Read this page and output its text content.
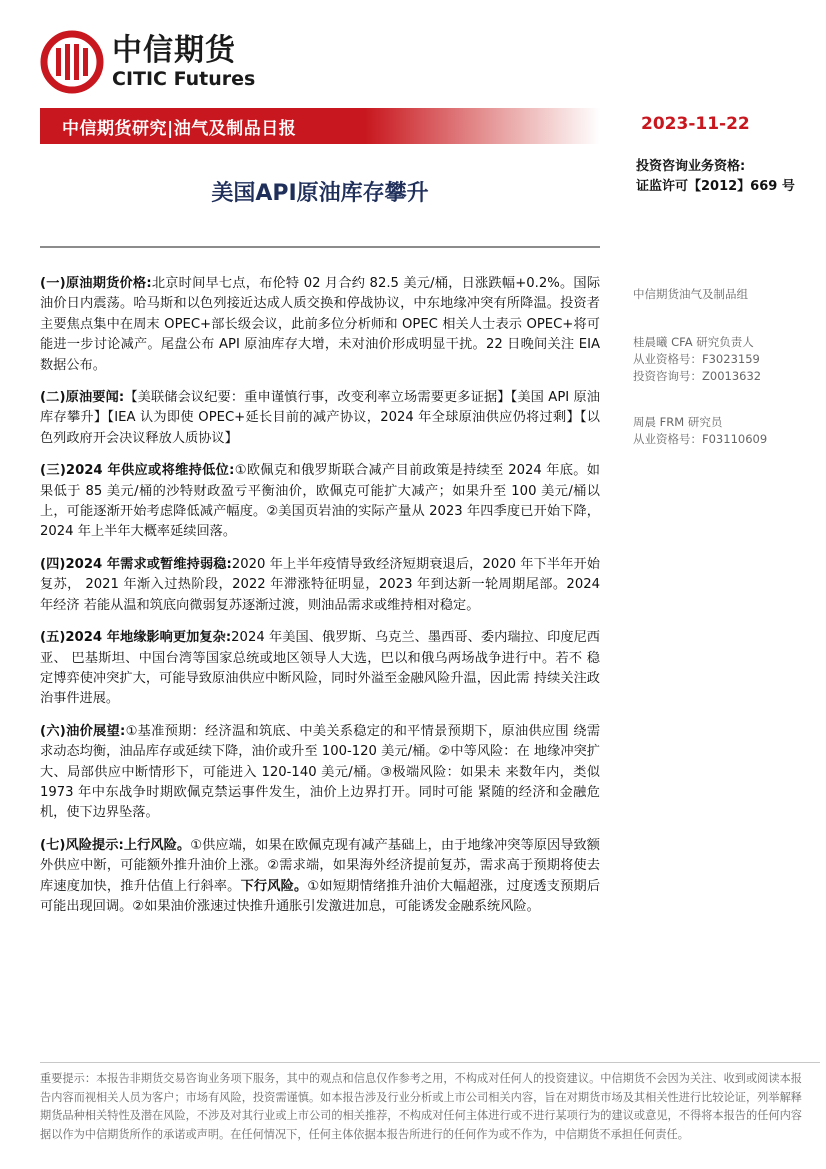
中信期货
CITIC Futures
中信期货研究|油气及制品日报	2023-11-22
投资咨询业务资格:
证监许可【2012】669 号
美国API原油库存攀升

(一)原油期货价格:北京时间早七点，布伦特 02 月合约 82.5 美元/桶，日涨跌幅+0.2%。国际油价日内震荡。哈马斯和以色列接近达成人质交换和停战协议，中东地缘冲突有所降温。投资者主要焦点集中在周末 OPEC+部长级会议，此前多位分析师和 OPEC 相关人士表示 OPEC+将可能进一步讨论减产。尾盘公布 API 原油库存大增，未对油价形成明显干扰。22 日晚间关注 EIA 数据公布。

(二)原油要闻:【美联储会议纪要：重申谨慎行事，改变利率立场需要更多证据】【美国 API 原油库存攀升】【IEA 认为即使 OPEC+延长目前的减产协议，2024 年全球原油供应仍将过剩】【以色列政府开会决议释放人质协议】

(三)2024 年供应或将维持低位:①欧佩克和俄罗斯联合减产目前政策是持续至 2024 年底。如果低于 85 美元/桶的沙特财政盈亏平衡油价，欧佩克可能扩大减产；如果升至 100 美元/桶以上，可能逐渐开始考虑降低减产幅度。②美国页岩油的实际产量从 2023 年四季度已开始下降，2024 年上半年大概率延续回落。

(四)2024 年需求或暂维持弱稳:2020 年上半年疫情导致经济短期衰退后，2020 年下半年开始复苏， 2021 年渐入过热阶段，2022 年滞涨特征明显，2023 年到达新一轮周期尾部。2024 年经济 若能从温和筑底向微弱复苏逐渐过渡，则油品需求或维持相对稳定。

(五)2024 年地缘影响更加复杂:2024 年美国、俄罗斯、乌克兰、墨西哥、委内瑞拉、印度尼西亚、 巴基斯坦、中国台湾等国家总统或地区领导人大选，巴以和俄乌两场战争进行中。若不 稳定博弈使冲突扩大，可能导致原油供应中断风险，同时外溢至金融风险升温，因此需 持续关注政治事件进展。

(六)油价展望:①基准预期：经济温和筑底、中美关系稳定的和平情景预期下，原油供应围 绕需求动态均衡，油品库存或延续下降，油价或升至 100-120 美元/桶。②中等风险：在 地缘冲突扩大、局部供应中断情形下，可能进入 120-140 美元/桶。③极端风险：如果未 来数年内，类似 1973 年中东战争时期欧佩克禁运事件发生，油价上边界打开。同时可能 紧随的经济和金融危机，使下边界坠落。

(七)风险提示:上行风险。①供应端，如果在欧佩克现有减产基础上，由于地缘冲突等原因导致额外供应中断，可能额外推升油价上涨。②需求端，如果海外经济提前复苏，需求高于预期将使去库速度加快，推升估值上行斜率。下行风险。①如短期情绪推升油价大幅超涨，过度透支预期后可能出现回调。②如果油价涨速过快推升通胀引发激进加息，可能诱发金融系统风险。

中信期货油气及制品组
桂晨曦 CFA 研究负责人
从业资格号：F3023159
投资咨询号：Z0013632
周晨 FRM 研究员
从业资格号：F03110609
重要提示：本报告非期货交易咨询业务项下服务，其中的观点和信息仅作参考之用，不构成对任何人的投资建议。中信期货不会因为关注、收到或阅读本报告内容而视相关人员为客户；市场有风险，投资需谨慎。如本报告涉及行业分析或上市公司相关内容，旨在对期货市场及其相关性进行比较论证，列举解释期货品种相关特性及潜在风险，不涉及对其行业或上市公司的相关推荐，不构成对任何主体进行或不进行某项行为的建议或意见，不得将本报告的任何内容据以作为中信期货所作的承诺或声明。在任何情况下，任何主体依据本报告所进行的任何作为或不作为，中信期货不承担任何责任。
